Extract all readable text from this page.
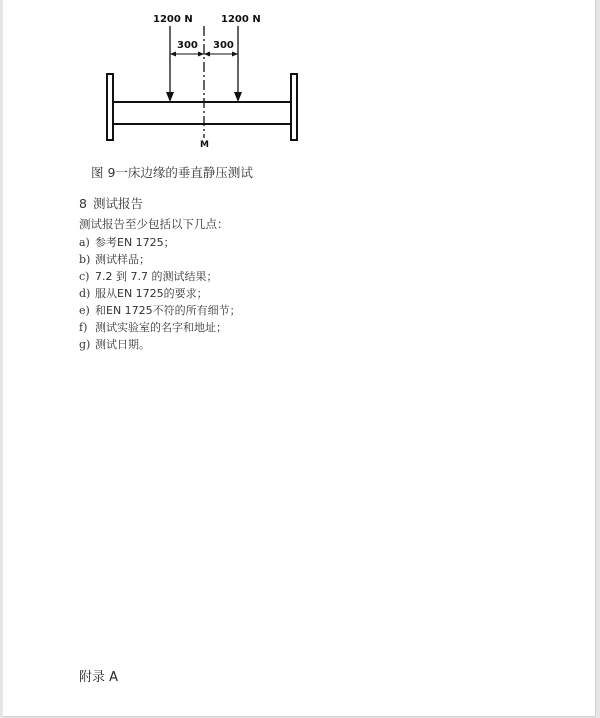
1200 N	1200 N
300 300
M
图 9一床边缘的垂直静压测试
8 测试报告
测试报告至少包括以下几点：
a) 参考EN 1725；
b) 测试样品；
c) 7.2 到 7.7 的测试结果；
d) 服从EN 1725的要求；
e) 和EN 1725不符的所有细节；
f) 测试实验室的名字和地址；
g) 测试日期。
附录 A
